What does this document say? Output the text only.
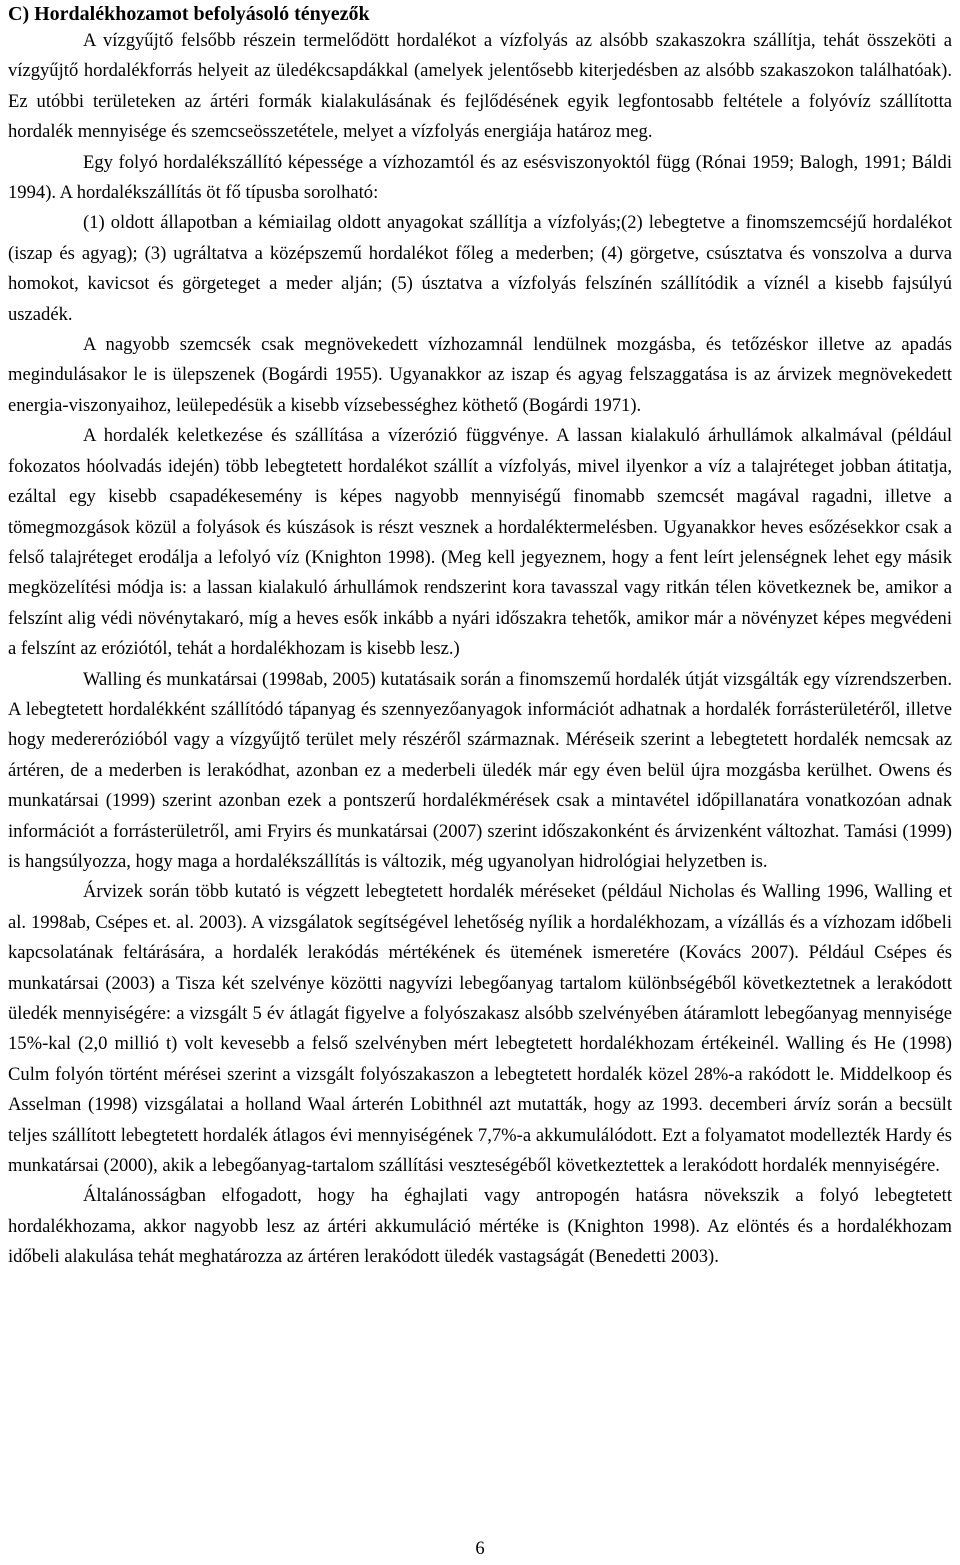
C) Hordalékhozamot befolyásoló tényezők

A vízgyűjtő felsőbb részein termelődött hordalékot a vízfolyás az alsóbb szakaszokra szállítja, tehát összeköti a vízgyűjtő hordalékforrás helyeit az üledékcsapdákkal (amelyek jelentősebb kiterjedésben az alsóbb szakaszokon találhatóak). Ez utóbbi területeken az ártéri formák kialakulásának és fejlődésének egyik legfontosabb feltétele a folyóvíz szállította hordalék mennyisége és szemcseösszetétele, melyet a vízfolyás energiája határoz meg.

Egy folyó hordalékszállító képessége a vízhozamtól és az esésviszonyoktól függ (Rónai 1959; Balogh, 1991; Báldi 1994). A hordalékszállítás öt fő típusba sorolható:

(1) oldott állapotban a kémiailag oldott anyagokat szállítja a vízfolyás;(2) lebegtetve a finomszemcséjű hordalékot (iszap és agyag); (3) ugráltatva a középszemű hordalékot főleg a mederben; (4) görgetve, csúsztatva és vonszolva a durva homokot, kavicsot és görgeteget a meder alján; (5) úsztatva a vízfolyás felszínén szállítódik a víznél a kisebb fajsúlyú uszadék.

A nagyobb szemcsék csak megnövekedett vízhozamnál lendülnek mozgásba, és tetőzéskor illetve az apadás megindulásakor le is ülepszenek (Bogárdi 1955). Ugyanakkor az iszap és agyag felszaggatása is az árvizek megnövekedett energia-viszonyaihoz, leülepedésük a kisebb vízsebességhez köthető (Bogárdi 1971).

A hordalék keletkezése és szállítása a vízerózió függvénye. A lassan kialakuló árhullámok alkalmával (például fokozatos hóolvadás idején) több lebegtetett hordalékot szállít a vízfolyás, mivel ilyenkor a víz a talajréteget jobban átitatja, ezáltal egy kisebb csapadékesemény is képes nagyobb mennyiségű finomabb szemcsét magával ragadni, illetve a tömegmozgások közül a folyások és kúszások is részt vesznek a hordaléktermelésben. Ugyanakkor heves esőzésekkor csak a felső talajréteget erodálja a lefolyó víz (Knighton 1998). (Meg kell jegyeznem, hogy a fent leírt jelenségnek lehet egy másik megközelítési módja is: a lassan kialakuló árhullámok rendszerint kora tavasszal vagy ritkán télen következnek be, amikor a felszínt alig védi növénytakaró, míg a heves esők inkább a nyári időszakra tehetők, amikor már a növényzet képes megvédeni a felszínt az eróziótól, tehát a hordalékhozam is kisebb lesz.)

Walling és munkatársai (1998ab, 2005) kutatásaik során a finomszemű hordalék útját vizsgálták egy vízrendszerben. A lebegtetett hordalékként szállítódó tápanyag és szennyezőanyagok információt adhatnak a hordalék forrásterületéről, illetve hogy medererózióból vagy a vízgyűjtő terület mely részéről származnak. Méréseik szerint a lebegtetett hordalék nemcsak az ártéren, de a mederben is lerakódhat, azonban ez a mederbeli üledék már egy éven belül újra mozgásba kerülhet. Owens és munkatársai (1999) szerint azonban ezek a pontszerű hordalékmérések csak a mintavétel időpillanatára vonatkozóan adnak információt a forrásterületről, ami Fryirs és munkatársai (2007) szerint időszakonként és árvizenként változhat. Tamási (1999) is hangsúlyozza, hogy maga a hordalékszállítás is változik, még ugyanolyan hidrológiai helyzetben is.

Árvizek során több kutató is végzett lebegtetett hordalék méréseket (például Nicholas és Walling 1996, Walling et al. 1998ab, Csépes et. al. 2003). A vizsgálatok segítségével lehetőség nyílik a hordalékhozam, a vízállás és a vízhozam időbeli kapcsolatának feltárására, a hordalék lerakódás mértékének és ütemének ismeretére (Kovács 2007). Például Csépes és munkatársai (2003) a Tisza két szelvénye közötti nagyvízi lebegőanyag tartalom különbségéből következtetnek a lerakódott üledék mennyiségére: a vizsgált 5 év átlagát figyelve a folyószakasz alsóbb szelvényében átáramlott lebegőanyag mennyisége 15%-kal (2,0 millió t) volt kevesebb a felső szelvényben mért lebegtetett hordalékhozam értékeinél. Walling és He (1998) Culm folyón történt mérései szerint a vizsgált folyószakaszon a lebegtetett hordalék közel 28%-a rakódott le. Middelkoop és Asselman (1998) vizsgálatai a holland Waal árterén Lobithnél azt mutatták, hogy az 1993. decemberi árvíz során a becsült teljes szállított lebegtetett hordalék átlagos évi mennyiségének 7,7%-a akkumulálódott. Ezt a folyamatot modellezték Hardy és munkatársai (2000), akik a lebegőanyag-tartalom szállítási veszteségéből következtettek a lerakódott hordalék mennyiségére.

Általánosságban elfogadott, hogy ha éghajlati vagy antropogén hatásra növekszik a folyó lebegtetett hordalékhozama, akkor nagyobb lesz az ártéri akkumuláció mértéke is (Knighton 1998). Az elöntés és a hordalékhozam időbeli alakulása tehát meghatározza az ártéren lerakódott üledék vastagságát (Benedetti 2003).

6
